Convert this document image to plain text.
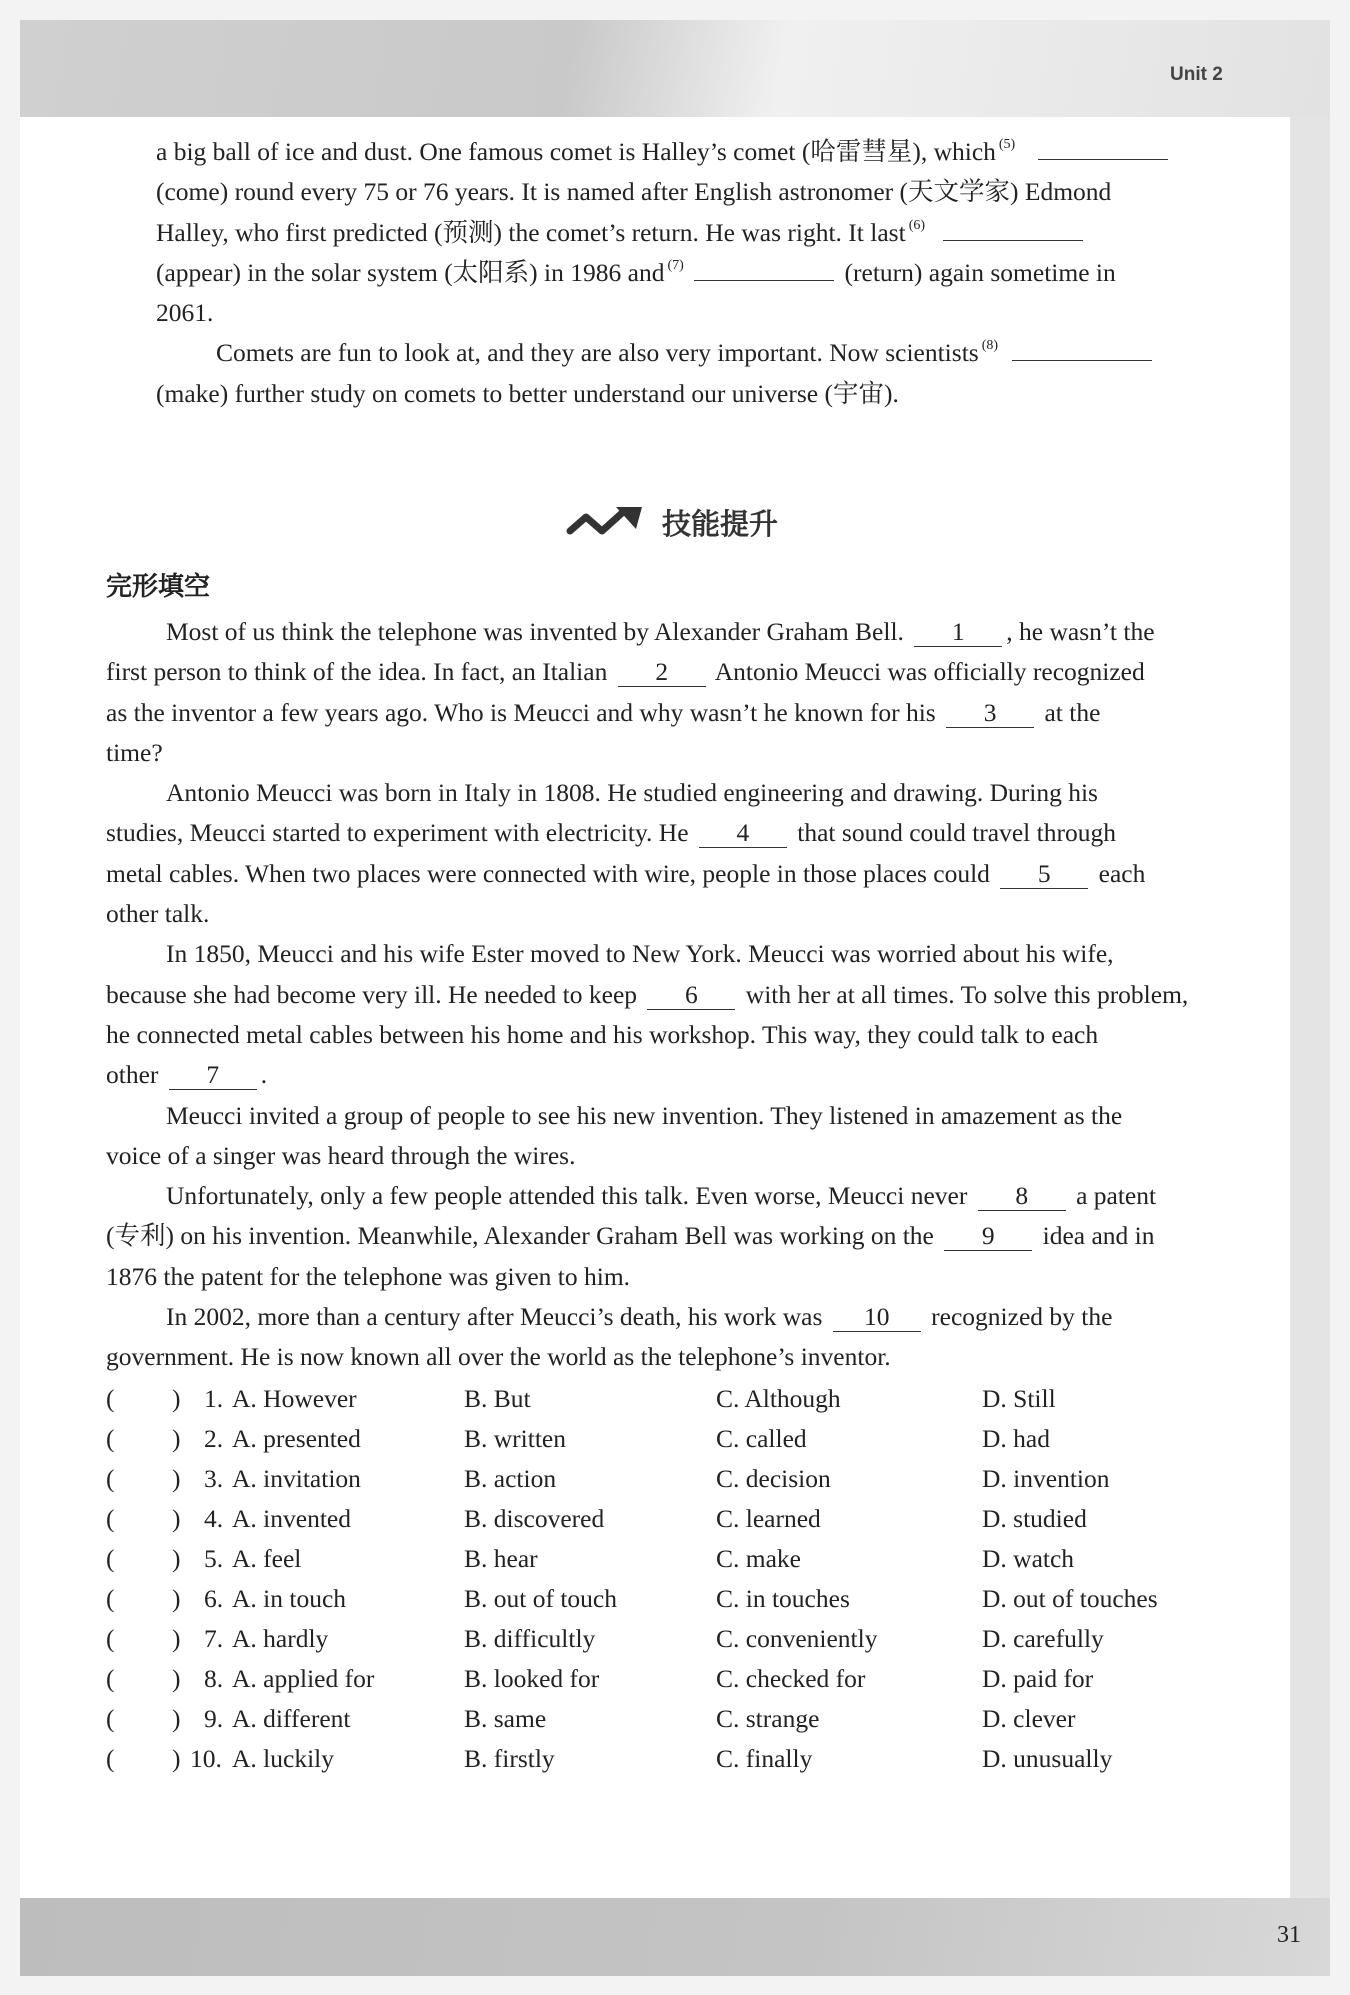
Unit 2
31
a big ball of ice and dust. One famous comet is Halley’s comet (哈雷彗星), which $^{(5)}$
(come) round every 75 or 76 years. It is named after English astronomer (天文学家) Edmond
Halley, who first predicted (预测) the comet’s return. He was right. It last $^{(6)}$
(appear) in the solar system (太阳系) in 1986 and $^{(7)}$	(return) again sometime in
2061.
Comets are fun to look at, and they are also very important. Now scientists $^{(8)}$
(make) further study on comets to better understand our universe (宇宙).
技能提升
完形填空
Most of us think the telephone was invented by Alexander Graham Bell. 1 , he wasn’t the
first person to think of the idea. In fact, an Italian 2 Antonio Meucci was officially recognized
as the inventor a few years ago. Who is Meucci and why wasn’t he known for his 3 at the
time?
Antonio Meucci was born in Italy in 1808. He studied engineering and drawing. During his
studies, Meucci started to experiment with electricity. He 4 that sound could travel through
metal cables. When two places were connected with wire, people in those places could 5 each
other talk.
In 1850, Meucci and his wife Ester moved to New York. Meucci was worried about his wife,
because she had become very ill. He needed to keep 6 with her at all times. To solve this problem,
he connected metal cables between his home and his workshop. This way, they could talk to each
other 7 .
Meucci invited a group of people to see his new invention. They listened in amazement as the
voice of a singer was heard through the wires.
Unfortunately, only a few people attended this talk. Even worse, Meucci never 8 a patent
(专利) on his invention. Meanwhile, Alexander Graham Bell was working on the 9 idea and in
1876 the patent for the telephone was given to him.
In 2002, more than a century after Meucci’s death, his work was 10 recognized by the
government. He is now known all over the world as the telephone’s inventor.
( ) 1. A. However	B. But	C. Although	D. Still
( ) 2. A. presented	B. written	C. called	D. had
( ) 3. A. invitation	B. action	C. decision	D. invention
( ) 4. A. invented	B. discovered	C. learned	D. studied
( ) 5. A. feel	B. hear	C. make	D. watch
( ) 6. A. in touch	B. out of touch	C. in touches	D. out of touches
( ) 7. A. hardly	B. difficultly	C. conveniently	D. carefully
( ) 8. A. applied for	B. looked for	C. checked for	D. paid for
( ) 9. A. different	B. same	C. strange	D. clever
( ) 10. A. luckily	B. firstly	C. finally	D. unusually
